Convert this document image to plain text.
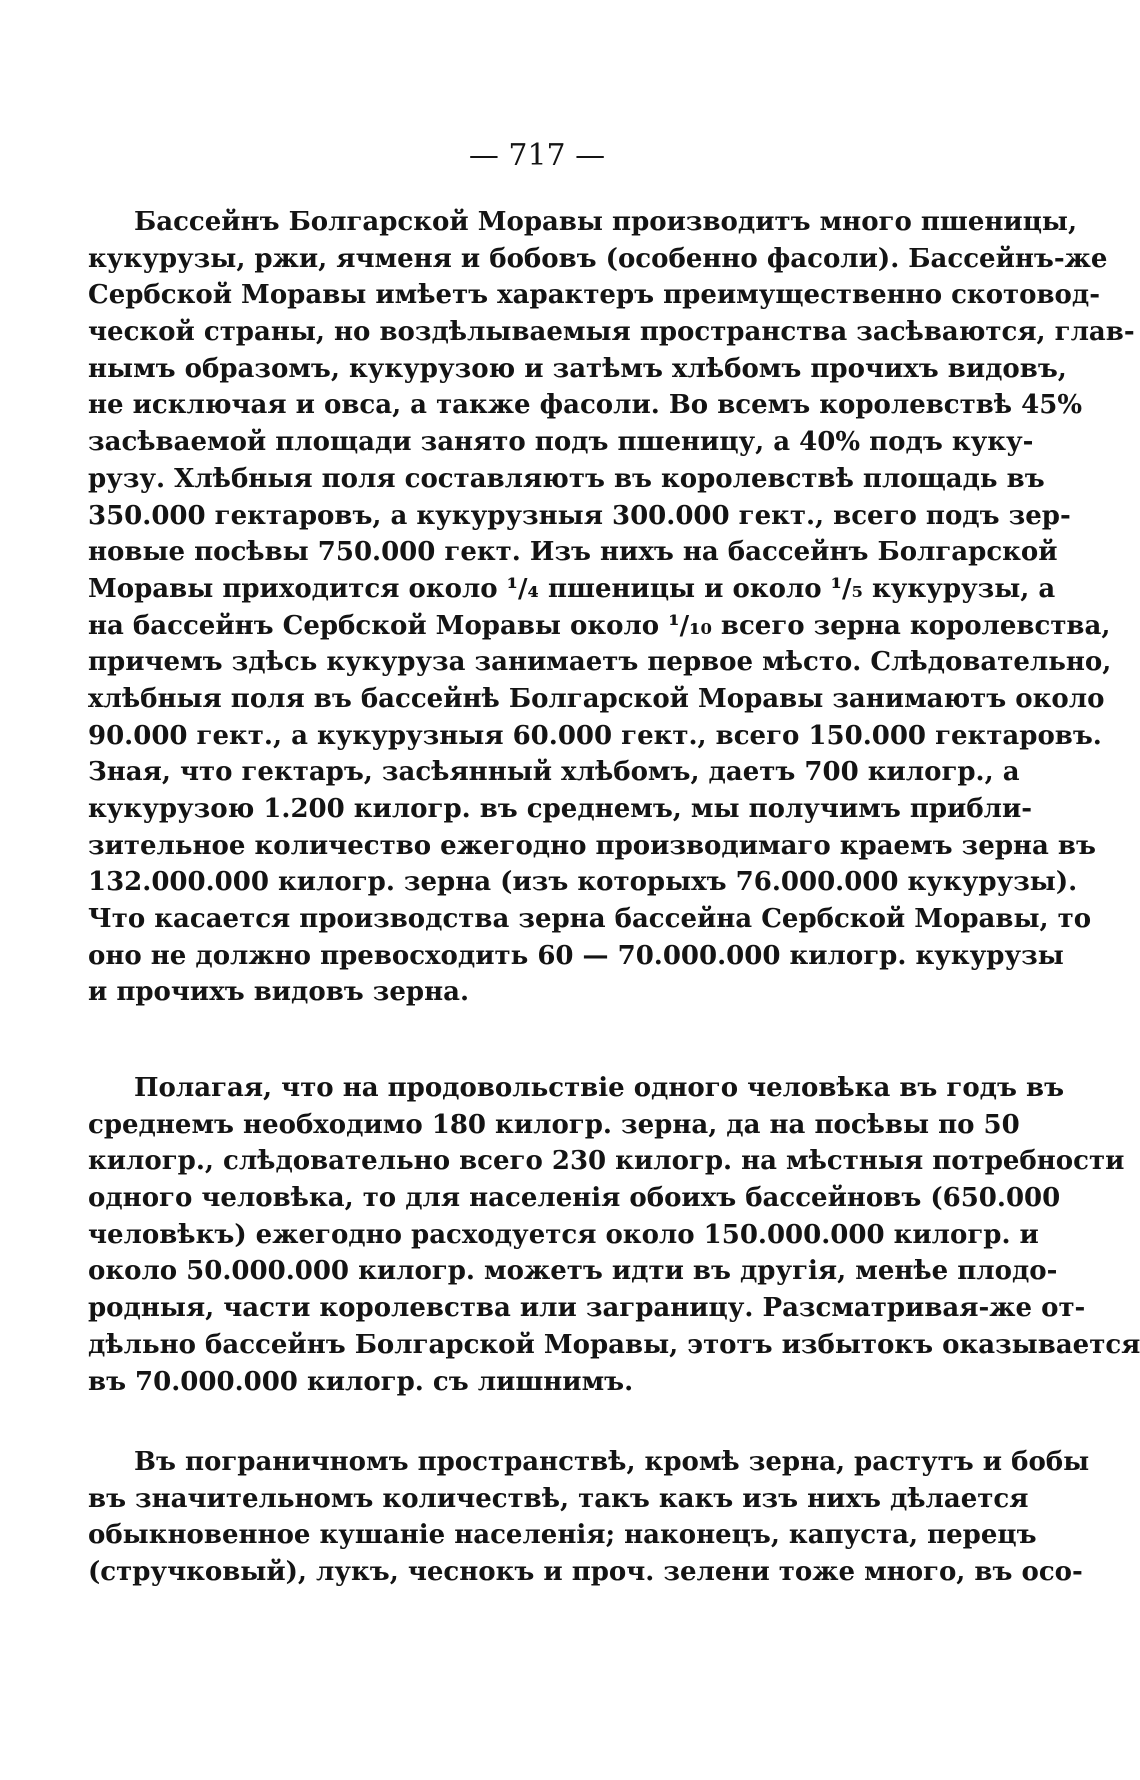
— 717 —
Бассейнъ Болгарской Моравы производитъ много пшеницы,
кукурузы, ржи, ячменя и бобовъ (особенно фасоли). Бассейнъ-же
Сербской Моравы имѣетъ характеръ преимущественно скотовод-
ческой страны, но воздѣлываемыя пространства засѣваются, глав-
нымъ образомъ, кукурузою и затѣмъ хлѣбомъ прочихъ видовъ,
не исключая и овса, а также фасоли. Во всемъ королевствѣ 45%
засѣваемой площади занято подъ пшеницу, а 40% подъ куку-
рузу. Хлѣбныя поля составляютъ въ королевствѣ площадь въ
350.000 гектаровъ, а кукурузныя 300.000 гект., всего подъ зер-
новые посѣвы 750.000 гект. Изъ нихъ на бассейнъ Болгарской
Моравы приходится около ¹/₄ пшеницы и около ¹/₅ кукурузы, а
на бассейнъ Сербской Моравы около ¹/₁₀ всего зерна королевства,
причемъ здѣсь кукуруза занимаетъ первое мѣсто. Слѣдовательно,
хлѣбныя поля въ бассейнѣ Болгарской Моравы занимаютъ около
90.000 гект., а кукурузныя 60.000 гект., всего 150.000 гектаровъ.
Зная, что гектаръ, засѣянный хлѣбомъ, даетъ 700 килогр., а
кукурузою 1.200 килогр. въ среднемъ, мы получимъ прибли-
зительное количество ежегодно производимаго краемъ зерна въ
132.000.000 килогр. зерна (изъ которыхъ 76.000.000 кукурузы).
Что касается производства зерна бассейна Сербской Моравы, то
оно не должно превосходить 60 — 70.000.000 килогр. кукурузы
и прочихъ видовъ зерна.
Полагая, что на продовольствіе одного человѣка въ годъ въ
среднемъ необходимо 180 килогр. зерна, да на посѣвы по 50
килогр., слѣдовательно всего 230 килогр. на мѣстныя потребности
одного человѣка, то для населенія обоихъ бассейновъ (650.000
человѣкъ) ежегодно расходуется около 150.000.000 килогр. и
около 50.000.000 килогр. можетъ идти въ другія, менѣе плодо-
родныя, части королевства или заграницу. Разсматривая-же от-
дѣльно бассейнъ Болгарской Моравы, этотъ избытокъ оказывается
въ 70.000.000 килогр. съ лишнимъ.
Въ пограничномъ пространствѣ, кромѣ зерна, растутъ и бобы
въ значительномъ количествѣ, такъ какъ изъ нихъ дѣлается
обыкновенное кушаніе населенія; наконецъ, капуста, перецъ
(стручковый), лукъ, чеснокъ и проч. зелени тоже много, въ осо-
